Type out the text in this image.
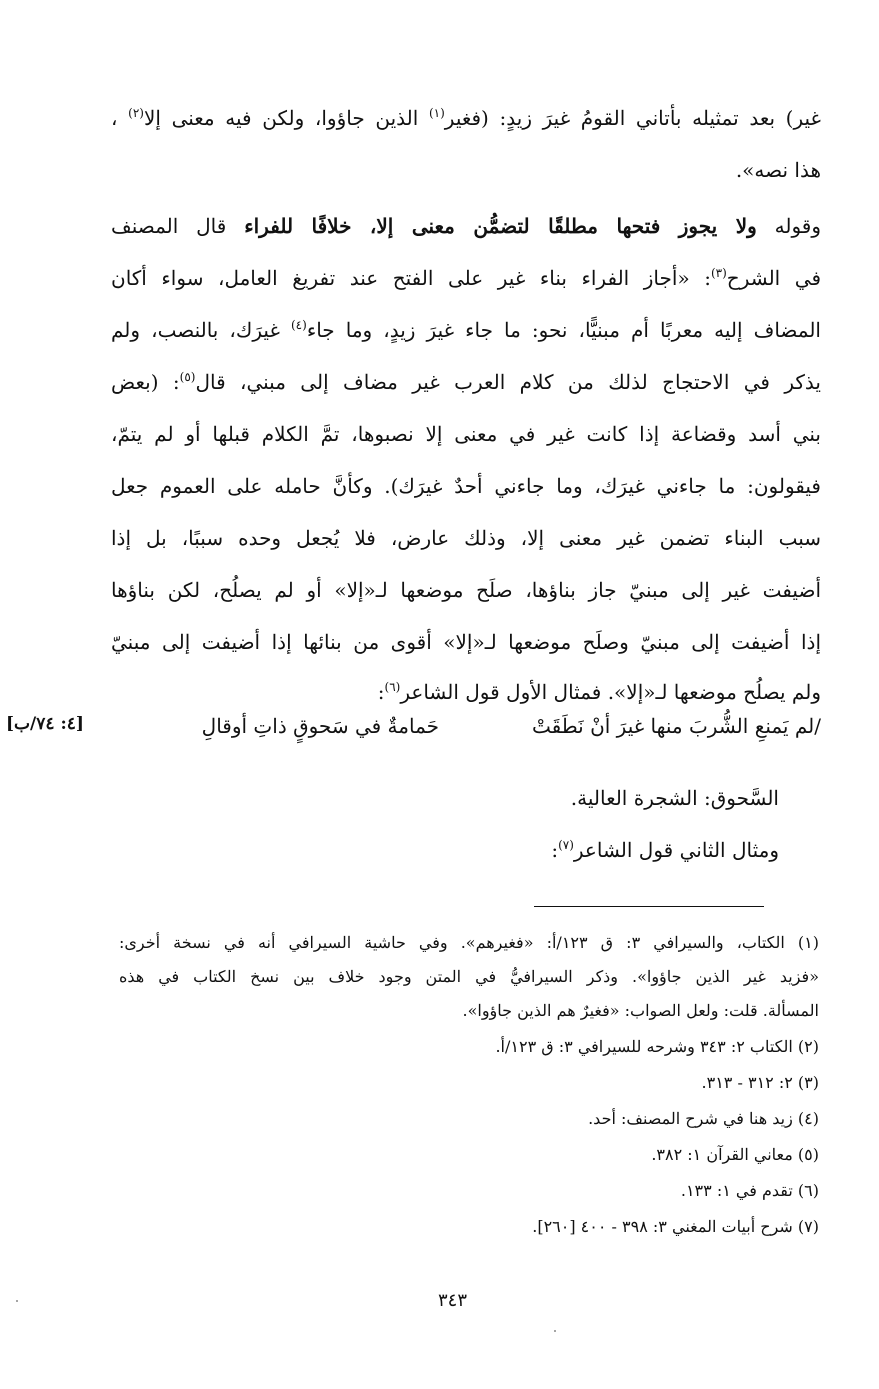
غير) بعد تمثيله بأتاني القومُ غيرَ زيدٍ: (فغير$^{(١)}$ الذين جاؤوا، ولكن فيه معنى إلا$^{(٢)}$ ،

هذا نصه».

وقوله ولا يجوز فتحها مطلقًا لتضمُّن معنى إلا، خلافًا للفراء قال المصنف

في الشرح$^{(٣)}$: «أجاز الفراء بناء غير على الفتح عند تفريغ العامل، سواء أكان

المضاف إليه معربًا أم مبنيًّا، نحو: ما جاء غيرَ زيدٍ، وما جاء$^{(٤)}$ غيرَك، بالنصب، ولم

يذكر في الاحتجاج لذلك من كلام العرب غير مضاف إلى مبني، قال$^{(٥)}$: (بعض

بني أسد وقضاعة إذا كانت غير في معنى إلا نصبوها، تمَّ الكلام قبلها أو لم يتمّ،

فيقولون: ما جاءني غيرَك، وما جاءني أحدٌ غيرَك). وكأنَّ حامله على العموم جعل

سبب البناء تضمن غير معنى إلا، وذلك عارض، فلا يُجعل وحده سببًا، بل إذا

أضيفت غير إلى مبنيّ جاز بناؤها، صلَح موضعها لـ«إلا» أو لم يصلُح، لكن بناؤها

إذا أضيفت إلى مبنيّ وصلَح موضعها لـ«إلا» أقوى من بنائها إذا أضيفت إلى مبنيّ

ولم يصلُح موضعها لـ«إلا». فمثال الأول قول الشاعر$^{(٦)}$:

/لم يَمنعِ الشُّربَ منها غيرَ أنْ نَطَقَتْ
حَمامةٌ في سَحوقٍ ذاتِ أوقالِ
[٤: ٧٤/ب]

السَّحوق: الشجرة العالية.

ومثال الثاني قول الشاعر$^{(٧)}$:

(١) الكتاب، والسيرافي ٣: ق ١٢٣/أ: «فغيرهم». وفي حاشية السيرافي أنه في نسخة أخرى:
«فزيد غير الذين جاؤوا». وذكر السيرافيُّ في المتن وجود خلاف بين نسخ الكتاب في هذه
المسألة. قلت: ولعل الصواب: «فغيرٌ هم الذين جاؤوا».
(٢) الكتاب ٢: ٣٤٣ وشرحه للسيرافي ٣: ق ١٢٣/أ.
(٣) ٢: ٣١٢ - ٣١٣.
(٤) زيد هنا في شرح المصنف: أحد.
(٥) معاني القرآن ١: ٣٨٢.
(٦) تقدم في ١: ١٣٣.
(٧) شرح أبيات المغني ٣: ٣٩٨ - ٤٠٠ [٢٦٠].
٣٤٣
